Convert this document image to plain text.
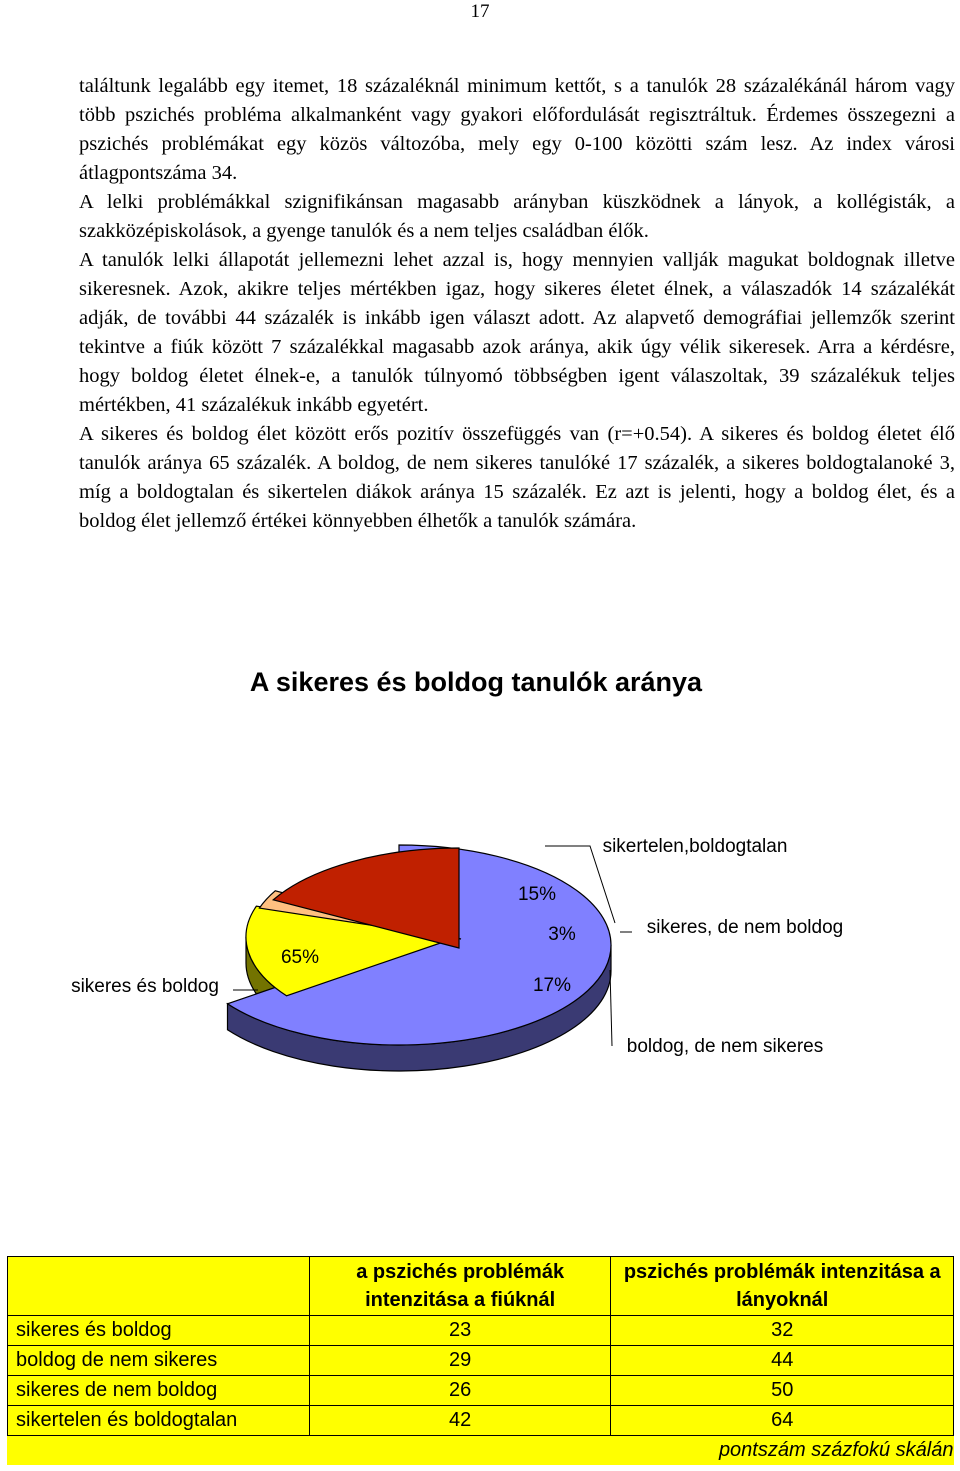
17

találtunk legalább egy itemet, 18 százaléknál minimum kettőt, s a tanulók 28 százalékánál három vagy több pszichés probléma alkalmanként vagy gyakori előfordulását regisztráltuk. Érdemes összegezni a pszichés problémákat egy közös változóba, mely egy 0-100 közötti szám lesz. Az index városi átlagpontszáma 34.

A lelki problémákkal szignifikánsan magasabb arányban küszködnek a lányok, a kollégisták, a szakközépiskolások, a gyenge tanulók és a nem teljes családban élők.

A tanulók lelki állapotát jellemezni lehet azzal is, hogy mennyien vallják magukat boldognak illetve sikeresnek. Azok, akikre teljes mértékben igaz, hogy sikeres életet élnek, a válaszadók 14 százalékát adják, de további 44 százalék is inkább igen választ adott. Az alapvető demográfiai jellemzők szerint tekintve a fiúk között 7 százalékkal magasabb azok aránya, akik úgy vélik sikeresek. Arra a kérdésre, hogy boldog életet élnek-e, a tanulók túlnyomó többségben igent válaszoltak, 39 százalékuk teljes mértékben, 41 százalékuk inkább egyetért.

A sikeres és boldog élet között erős pozitív összefüggés van (r=+0.54). A sikeres és boldog életet élő tanulók aránya 65 százalék. A boldog, de nem sikeres tanulóké 17 százalék, a sikeres boldogtalanoké 3, míg a boldogtalan és sikertelen diákok aránya 15 százalék. Ez azt is jelenti, hogy a boldog élet, és a boldog élet jellemző értékei könnyebben élhetők a tanulók számára.

A sikeres és boldog tanulók aránya
sikeres és boldog
65%
sikertelen,boldogtalan
15%
sikeres, de nem boldog
3%
boldog, de nem sikeres
17%
	a pszichés problémák intenzitása a fiúknál	pszichés problémák intenzitása a lányoknál
sikeres és boldog	23	32
boldog de nem sikeres	29	44
sikeres de nem boldog	26	50
sikertelen és boldogtalan	42	64
pontszám százfokú skálán		
